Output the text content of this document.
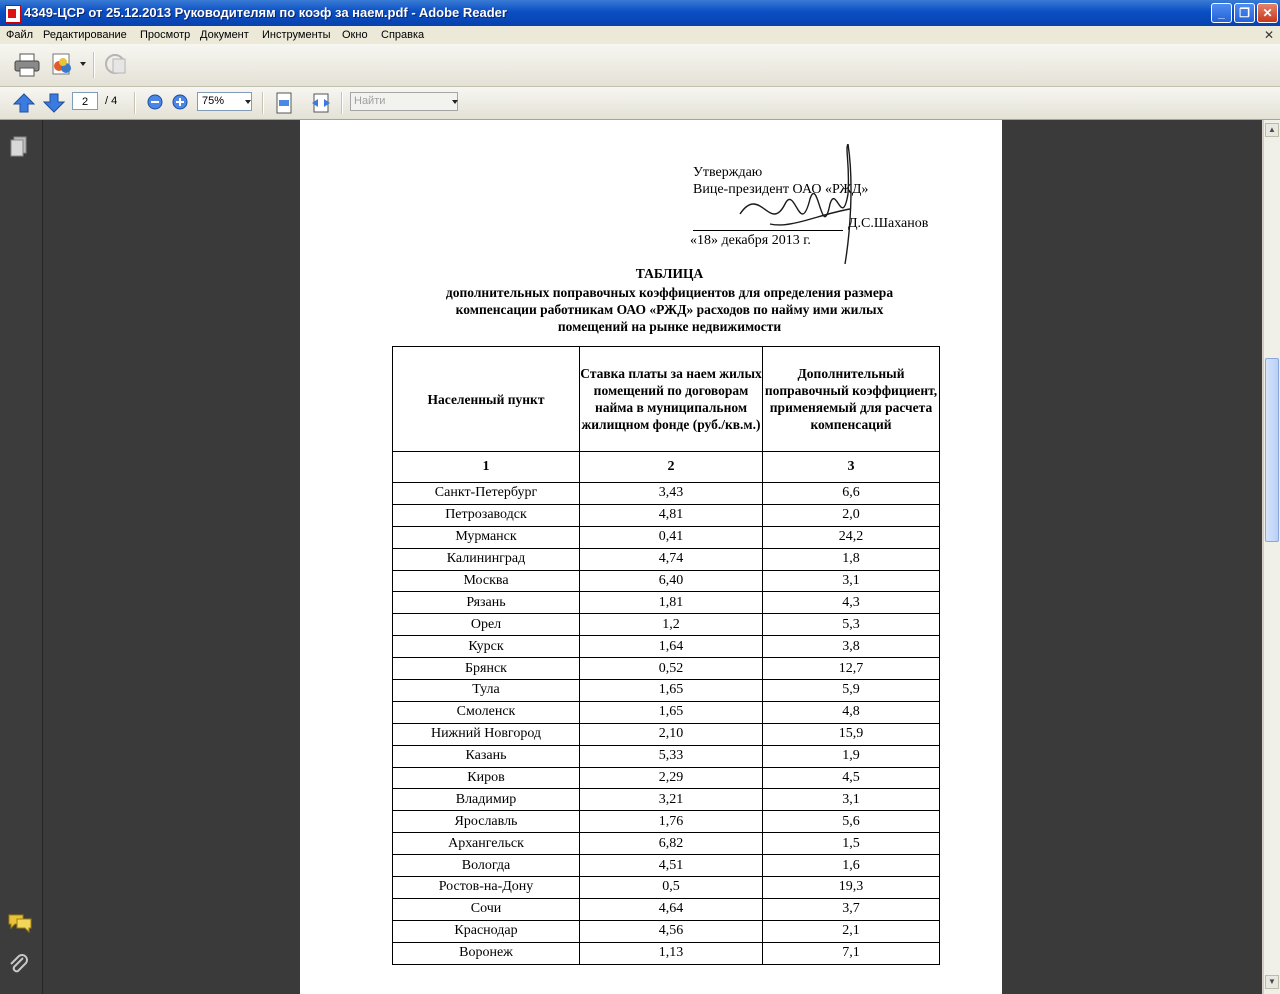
4349-ЦСР от 25.12.2013 Руководителям по коэф за наем.pdf - Adobe Reader	_	❐	✕
Файл Редактирование Просмотр Документ Инструменты Окно Справка	✕
2	/ 4	75%	Найти
Утверждаю
Вице-президент ОАО «РЖД»
Д.С.Шаханов
«18» декабря 2013 г.
ТАБЛИЦА
дополнительных поправочных коэффициентов для определения размера
компенсации работникам ОАО «РЖД» расходов по найму ими жилых
помещений на рынке недвижимости
Населенный пункт	Ставка платы за наем жилых помещений по договорам найма в муниципальном жилищном фонде (руб./кв.м.)	Дополнительный поправочный коэффициент, применяемый для расчета компенсаций
1	2	3
Санкт-Петербург	3,43	6,6
Петрозаводск	4,81	2,0
Мурманск	0,41	24,2
Калининград	4,74	1,8
Москва	6,40	3,1
Рязань	1,81	4,3
Орел	1,2	5,3
Курск	1,64	3,8
Брянск	0,52	12,7
Тула	1,65	5,9
Смоленск	1,65	4,8
Нижний Новгород	2,10	15,9
Казань	5,33	1,9
Киров	2,29	4,5
Владимир	3,21	3,1
Ярославль	1,76	5,6
Архангельск	6,82	1,5
Вологда	4,51	1,6
Ростов-на-Дону	0,5	19,3
Сочи	4,64	3,7
Краснодар	4,56	2,1
Воронеж	1,13	7,1
▲
▼
